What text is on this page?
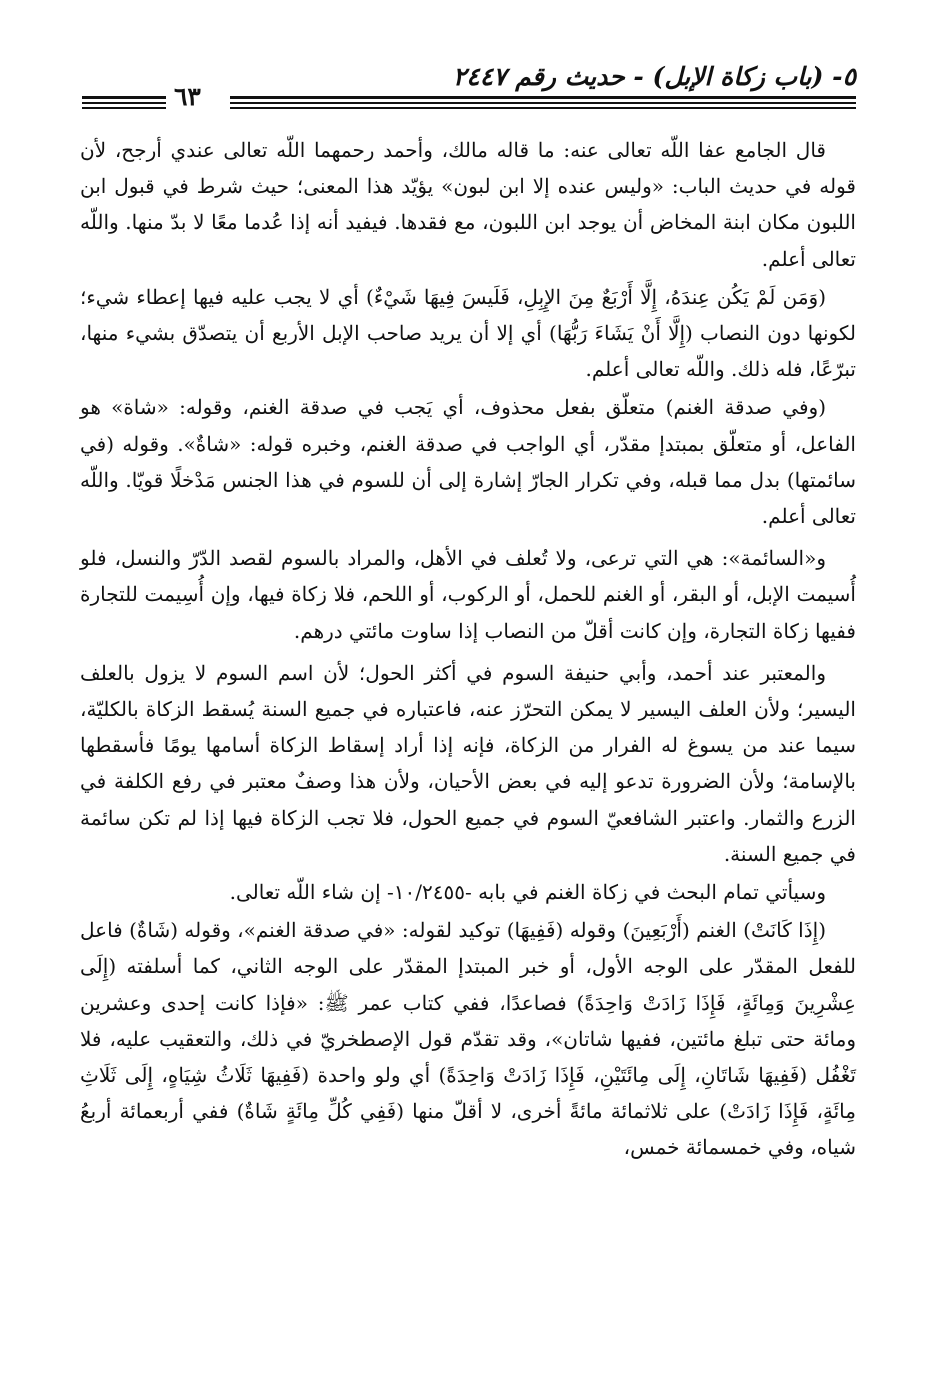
٥- (باب زكاة الإبل) - حديث رقم ٢٤٤٧
٦٣

قال الجامع عفا اللّه تعالى عنه: ما قاله مالك، وأحمد رحمهما اللّه تعالى عندي أرجح، لأن قوله في حديث الباب: «وليس عنده إلا ابن لبون» يؤيّد هذا المعنى؛ حيث شرط في قبول ابن اللبون مكان ابنة المخاض أن يوجد ابن اللبون، مع فقدها. فيفيد أنه إذا عُدما معًا لا بدّ منها. واللّه تعالى أعلم.

(وَمَن لَمْ يَكُن عِندَهُ، إِلَّا أَرْبَعٌ مِنَ الإِبِلِ، فَلَيسَ فِيهَا شَيْءٌ) أي لا يجب عليه فيها إعطاء شيء؛ لكونها دون النصاب (إِلَّا أَنْ يَشَاءَ رَبُّهَا) أي إلا أن يريد صاحب الإبل الأربع أن يتصدّق بشيء منها، تبرّعًا، فله ذلك. واللّه تعالى أعلم.

(وفي صدقة الغنم) متعلّق بفعل محذوف، أي يَجب في صدقة الغنم، وقوله: «شاة» هو الفاعل، أو متعلّق بمبتدإ مقدّر، أي الواجب في صدقة الغنم، وخبره قوله: «شاةٌ». وقوله (في سائمتها) بدل مما قبله، وفي تكرار الجارّ إشارة إلى أن للسوم في هذا الجنس مَدْخلًا قويّا. واللّه تعالى أعلم.

و«السائمة»: هي التي ترعى، ولا تُعلف في الأهل، والمراد بالسوم لقصد الدّرّ والنسل، فلو أُسيمت الإبل، أو البقر، أو الغنم للحمل، أو الركوب، أو اللحم، فلا زكاة فيها، وإن أُسِيمت للتجارة ففيها زكاة التجارة، وإن كانت أقلّ من النصاب إذا ساوت مائتي درهم.

والمعتبر عند أحمد، وأبي حنيفة السوم في أكثر الحول؛ لأن اسم السوم لا يزول بالعلف اليسير؛ ولأن العلف اليسير لا يمكن التحرّز عنه، فاعتباره في جميع السنة يُسقط الزكاة بالكليّة، سيما عند من يسوغ له الفرار من الزكاة، فإنه إذا أراد إسقاط الزكاة أسامها يومًا فأسقطها بالإسامة؛ ولأن الضرورة تدعو إليه في بعض الأحيان، ولأن هذا وصفٌ معتبر في رفع الكلفة في الزرع والثمار. واعتبر الشافعيّ السوم في جميع الحول، فلا تجب الزكاة فيها إذا لم تكن سائمة في جميع السنة.

وسيأتي تمام البحث في زكاة الغنم في بابه -١٠/٢٤٥٥- إن شاء اللّه تعالى.

(إِذَا كَانَتْ) الغنم (أَرْبَعِينَ) وقوله (فَفِيهَا) توكيد لقوله: «في صدقة الغنم»، وقوله (شَاةٌ) فاعل للفعل المقدّر على الوجه الأول، أو خبر المبتدإ المقدّر على الوجه الثاني، كما أسلفته (إِلَى عِشْرِينَ وَمِائَةٍ، فَإِذَا زَادَتْ وَاحِدَةً) فصاعدًا، ففي كتاب عمر ﷺ: «فإذا كانت إحدى وعشرين ومائة حتى تبلغ مائتين، ففيها شاتان»، وقد تقدّم قول الإصطخريّ في ذلك، والتعقيب عليه، فلا تَغْفُل (فَفِيهَا شَاتَانِ، إِلَى مِائَتَيْنِ، فَإِذَا زَادَتْ وَاحِدَةً) أي ولو واحدة (فَفِيهَا ثَلَاثُ شِيَاهٍ، إِلَى ثَلَاثِ مِائَةٍ، فَإِذَا زَادَتْ) على ثلاثمائة مائةً أخرى، لا أقلّ منها (فَفِي كُلِّ مِائَةٍ شَاةٌ) ففي أربعمائة أربعُ شياه، وفي خمسمائة خمس،
